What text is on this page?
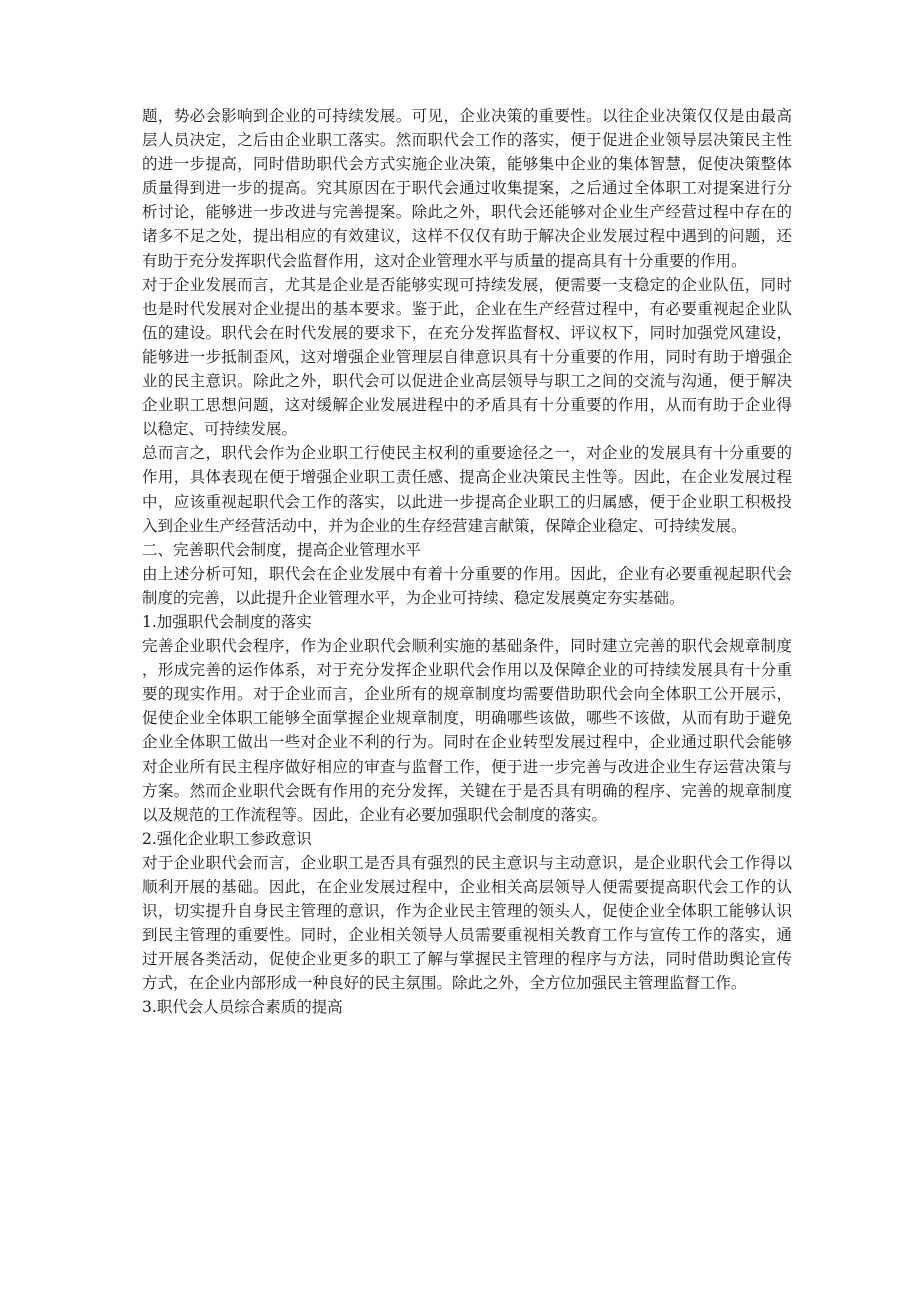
题，势必会影响到企业的可持续发展。可见，企业决策的重要性。以往企业决策仅仅是由最高层人员决定，之后由企业职工落实。然而职代会工作的落实，便于促进企业领导层决策民主性的进一步提高，同时借助职代会方式实施企业决策，能够集中企业的集体智慧，促使决策整体质量得到进一步的提高。究其原因在于职代会通过收集提案，之后通过全体职工对提案进行分析讨论，能够进一步改进与完善提案。除此之外，职代会还能够对企业生产经营过程中存在的诸多不足之处，提出相应的有效建议，这样不仅仅有助于解决企业发展过程中遇到的问题，还有助于充分发挥职代会监督作用，这对企业管理水平与质量的提高具有十分重要的作用。

对于企业发展而言，尤其是企业是否能够实现可持续发展，便需要一支稳定的企业队伍，同时也是时代发展对企业提出的基本要求。鉴于此，企业在生产经营过程中，有必要重视起企业队伍的建设。职代会在时代发展的要求下，在充分发挥监督权、评议权下，同时加强党风建设，能够进一步抵制歪风，这对增强企业管理层自律意识具有十分重要的作用，同时有助于增强企业的民主意识。除此之外，职代会可以促进企业高层领导与职工之间的交流与沟通，便于解决企业职工思想问题，这对缓解企业发展进程中的矛盾具有十分重要的作用，从而有助于企业得以稳定、可持续发展。

总而言之，职代会作为企业职工行使民主权利的重要途径之一，对企业的发展具有十分重要的作用，具体表现在便于增强企业职工责任感、提高企业决策民主性等。因此，在企业发展过程中，应该重视起职代会工作的落实，以此进一步提高企业职工的归属感，便于企业职工积极投入到企业生产经营活动中，并为企业的生存经营建言献策，保障企业稳定、可持续发展。

二、完善职代会制度，提高企业管理水平

由上述分析可知，职代会在企业发展中有着十分重要的作用。因此，企业有必要重视起职代会制度的完善，以此提升企业管理水平，为企业可持续、稳定发展奠定夯实基础。

1.加强职代会制度的落实

完善企业职代会程序，作为企业职代会顺利实施的基础条件，同时建立完善的职代会规章制度，形成完善的运作体系，对于充分发挥企业职代会作用以及保障企业的可持续发展具有十分重要的现实作用。对于企业而言，企业所有的规章制度均需要借助职代会向全体职工公开展示，促使企业全体职工能够全面掌握企业规章制度，明确哪些该做，哪些不该做，从而有助于避免企业全体职工做出一些对企业不利的行为。同时在企业转型发展过程中，企业通过职代会能够对企业所有民主程序做好相应的审查与监督工作，便于进一步完善与改进企业生存运营决策与方案。然而企业职代会既有作用的充分发挥，关键在于是否具有明确的程序、完善的规章制度以及规范的工作流程等。因此，企业有必要加强职代会制度的落实。

2.强化企业职工参政意识

对于企业职代会而言，企业职工是否具有强烈的民主意识与主动意识，是企业职代会工作得以顺利开展的基础。因此，在企业发展过程中，企业相关高层领导人便需要提高职代会工作的认识，切实提升自身民主管理的意识，作为企业民主管理的领头人，促使企业全体职工能够认识到民主管理的重要性。同时，企业相关领导人员需要重视相关教育工作与宣传工作的落实，通过开展各类活动，促使企业更多的职工了解与掌握民主管理的程序与方法，同时借助舆论宣传方式，在企业内部形成一种良好的民主氛围。除此之外，全方位加强民主管理监督工作。

3.职代会人员综合素质的提高
